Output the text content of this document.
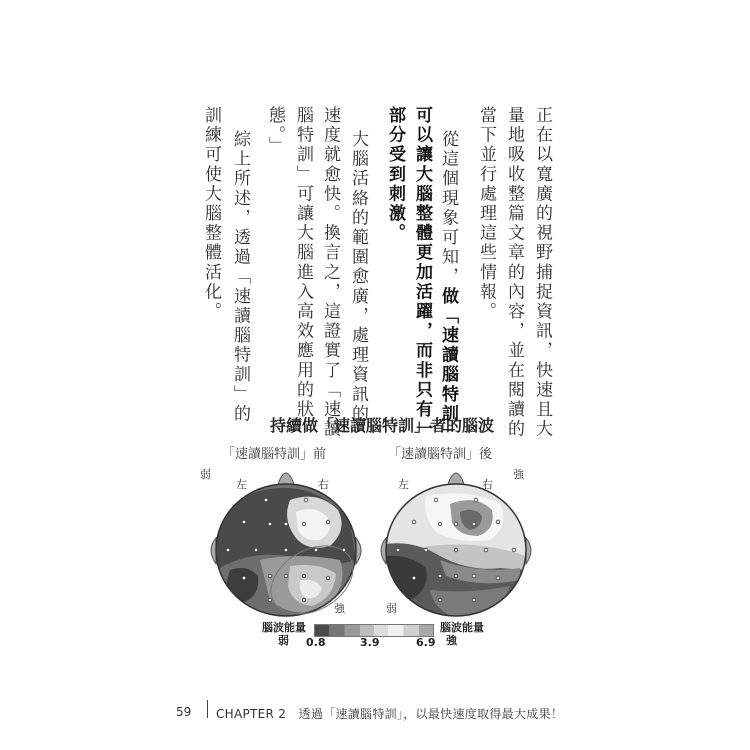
正在以寬廣的視野捕捉資訊，快速且大
量地吸收整篇文章的內容，並在閱讀的
當下並行處理這些情報。
從這個現象可知，做「速讀腦特訓」
可以讓大腦整體更加活躍，而非只有一
部分受到刺激。
大腦活絡的範圍愈廣，處理資訊的
速度就愈快。換言之，這證實了「速讀
腦特訓」可讓大腦進入高效應用的狀
態。」
綜上所述，透過「速讀腦特訓」的
訓練可使大腦整體活化。
持續做「速讀腦特訓」者的腦波
「速讀腦特訓」前	「速讀腦特訓」後
弱
左	右
強
強
左	右
弱
腦波能量
弱
腦波能量
強
0.8	3.9	6.9
59 CHAPTER 2　透過「速讀腦特訓」，以最快速度取得最大成果！
